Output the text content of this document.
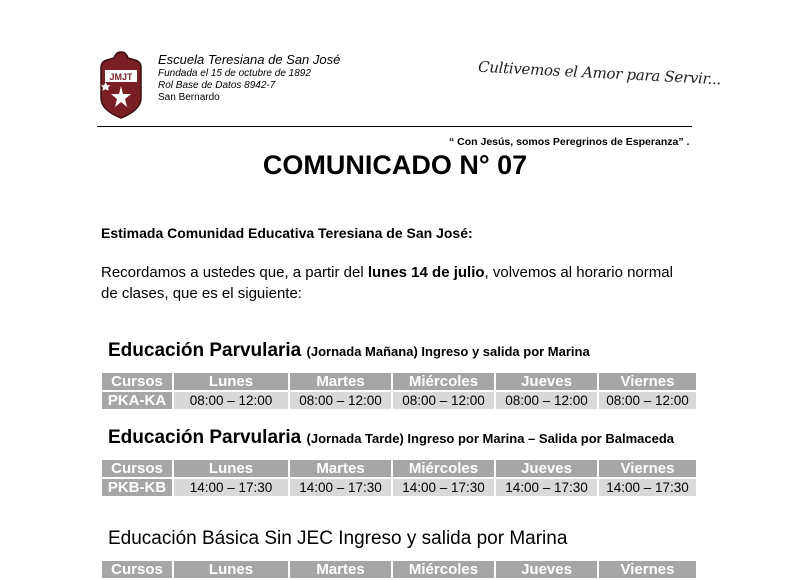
JMJT
Escuela Teresiana de San José
Fundada el 15 de octubre de 1892
Rol Base de Datos 8942-7
San Bernardo
Cultivemos el Amor para Servir...
“ Con Jesús, somos Peregrinos de Esperanza” .
COMUNICADO N° 07
Estimada Comunidad Educativa Teresiana de San José:
Recordamos a ustedes que, a partir del lunes 14 de julio, volvemos al horario normal de clases, que es el siguiente:
Educación Parvularia (Jornada Mañana) Ingreso y salida por Marina
Cursos	Lunes	Martes	Miércoles	Jueves	Viernes
PKA-KA	08:00 – 12:00	08:00 – 12:00	08:00 – 12:00	08:00 – 12:00	08:00 – 12:00
Educación Parvularia (Jornada Tarde) Ingreso por Marina – Salida por Balmaceda
Cursos	Lunes	Martes	Miércoles	Jueves	Viernes
PKB-KB	14:00 – 17:30	14:00 – 17:30	14:00 – 17:30	14:00 – 17:30	14:00 – 17:30
Educación Básica Sin JEC Ingreso y salida por Marina
Cursos	Lunes	Martes	Miércoles	Jueves	Viernes
